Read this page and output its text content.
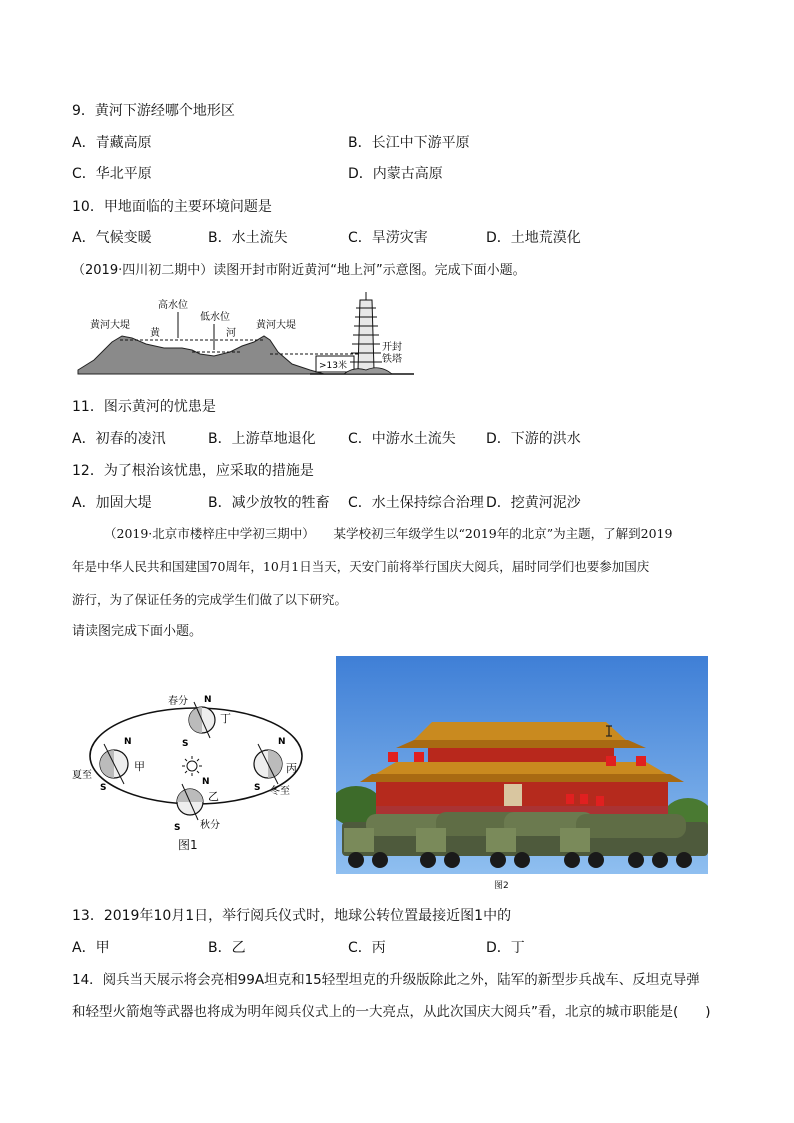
9．黄河下游经哪个地形区
A．青藏高原	B．长江中下游平原
C．华北平原	D．内蒙古高原
10．甲地面临的主要环境问题是
A．气候变暖	B．水土流失	C．旱涝灾害	D．土地荒漠化
（2019·四川初二期中）读图开封市附近黄河“地上河”示意图。完成下面小题。
>13米
黄河大堤
高水位
低水位
黄	河
黄河大堤
开封
铁塔
11．图示黄河的忧患是
A．初春的凌汛	B．上游草地退化 C．中游水土流失 D．下游的洪水
12．为了根治该忧患，应采取的措施是
A．加固大堤	B．减少放牧的牲畜 C．水土保持综合治理 D．挖黄河泥沙
（2019·北京市楼梓庄中学初三期中）　　某学校初三年级学生以“2019年的北京”为主题，了解到2019
年是中华人民共和国建国70周年，10月1日当天，天安门前将举行国庆大阅兵，届时同学们也要参加国庆
游行，为了保证任务的完成学生们做了以下研究。
请读图完成下面小题。
春分
夏至
秋分
冬至
丁
甲
乙
丙
N
S
N
S
N
S
N
S
图1
图2
13．2019年10月1日，举行阅兵仪式时，地球公转位置最接近图1中的
A．甲	B．乙	C．丙	D．丁
14．阅兵当天展示将会亮相99A坦克和15轻型坦克的升级版除此之外，陆军的新型步兵战车、反坦克导弹
和轻型火箭炮等武器也将成为明年阅兵仪式上的一大亮点，从此次国庆大阅兵”看，北京的城市职能是(　　)
